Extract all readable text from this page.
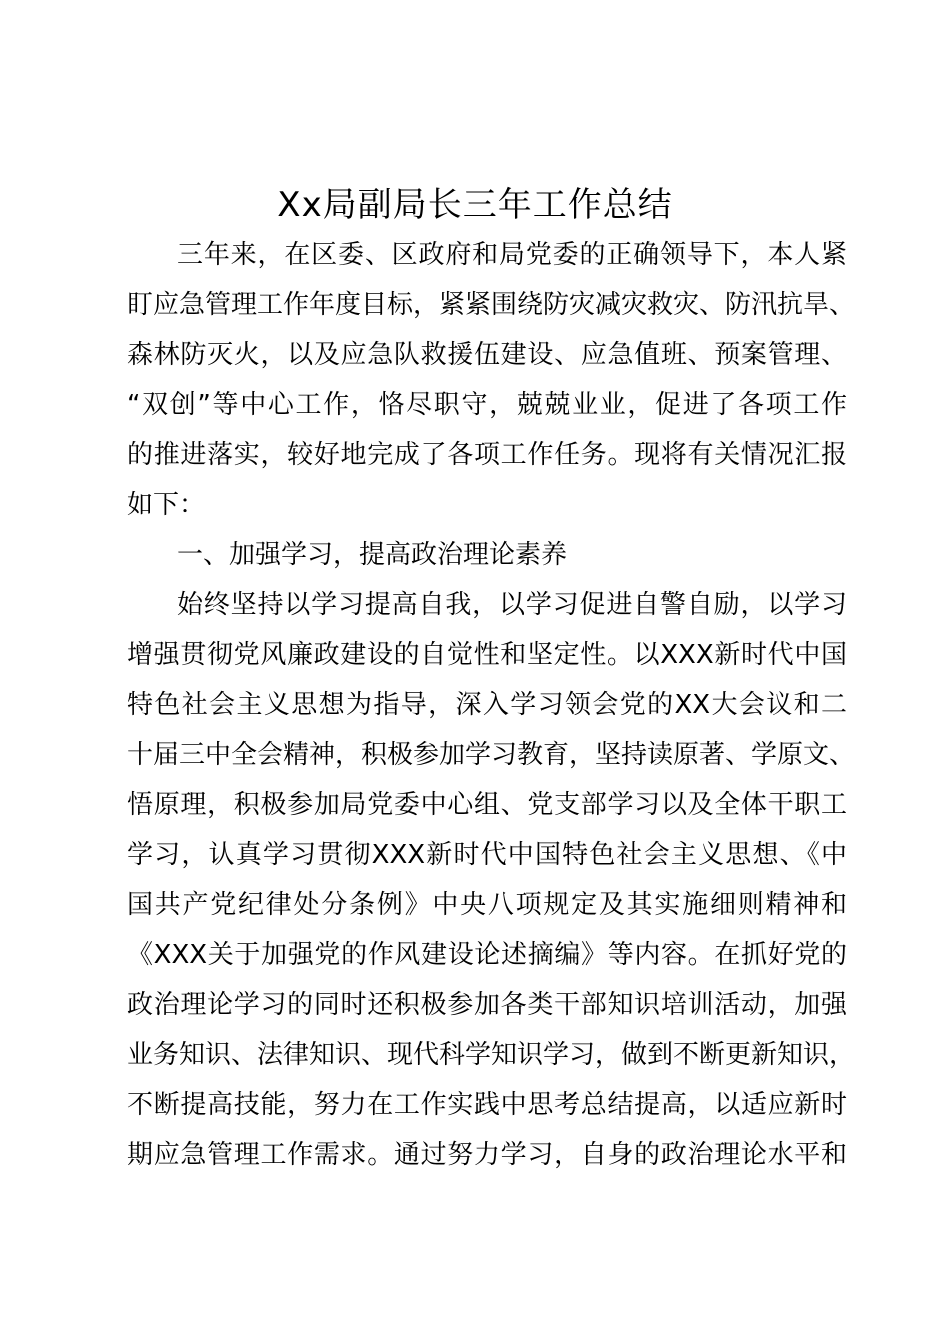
Xx局副局长三年工作总结
三年来，在区委、区政府和局党委的正确领导下，本人紧
盯应急管理工作年度目标，紧紧围绕防灾减灾救灾、防汛抗旱、
森林防灭火，以及应急队救援伍建设、应急值班、预案管理、
“双创”等中心工作，恪尽职守，兢兢业业，促进了各项工作
的推进落实，较好地完成了各项工作任务。现将有关情况汇报
如下：
一、加强学习，提高政治理论素养
始终坚持以学习提高自我，以学习促进自警自励，以学习
增强贯彻党风廉政建设的自觉性和坚定性。以XXX新时代中国
特色社会主义思想为指导，深入学习领会党的XX大会议和二
十届三中全会精神，积极参加学习教育，坚持读原著、学原文、
悟原理，积极参加局党委中心组、党支部学习以及全体干职工
学习，认真学习贯彻XXX新时代中国特色社会主义思想、《中
国共产党纪律处分条例》中央八项规定及其实施细则精神和
《XXX关于加强党的作风建设论述摘编》等内容。在抓好党的
政治理论学习的同时还积极参加各类干部知识培训活动，加强
业务知识、法律知识、现代科学知识学习，做到不断更新知识，
不断提高技能，努力在工作实践中思考总结提高，以适应新时
期应急管理工作需求。通过努力学习，自身的政治理论水平和
